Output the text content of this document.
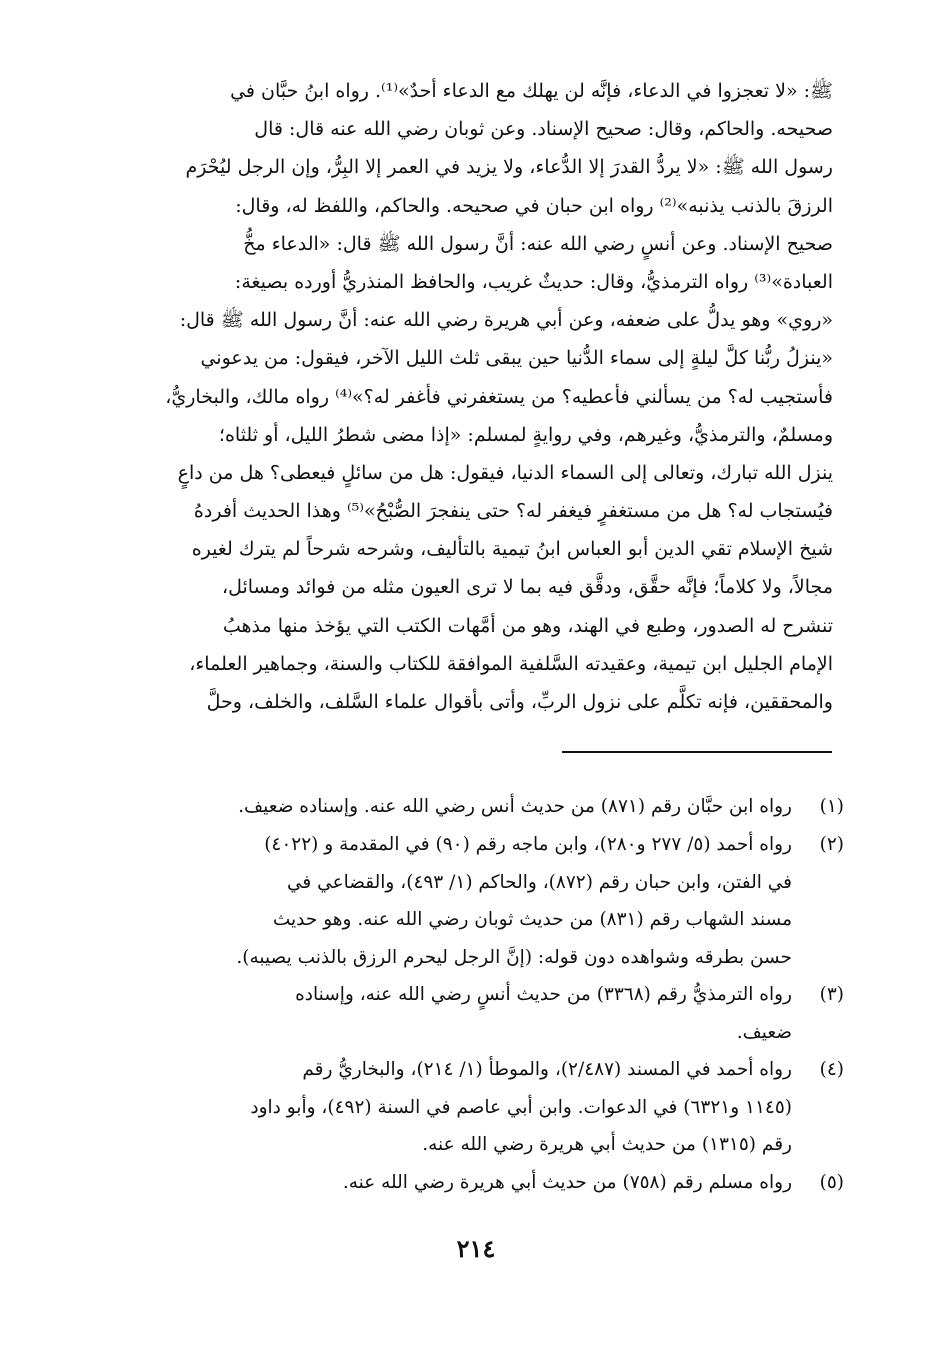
ﷺ: «لا تعجزوا في الدعاء، فإنَّه لن يهلك مع الدعاء أحدٌ»⁽¹⁾. رواه ابنُ حبَّان في
صحيحه. والحاكم، وقال: صحيح الإسناد. وعن ثوبان رضي الله عنه قال: قال
رسول الله ﷺ: «لا يردُّ القدرَ إلا الدُّعاء، ولا يزيد في العمر إلا البِرُّ، وإن الرجل ليُحْرَم
الرزقَ بالذنب يذنبه»⁽²⁾ رواه ابن حبان في صحيحه. والحاكم، واللفظ له، وقال:
صحيح الإسناد. وعن أنسٍ رضي الله عنه: أنَّ رسول الله ﷺ قال: «الدعاء مخُّ
العبادة»⁽³⁾ رواه الترمذيُّ، وقال: حديثٌ غريب، والحافظ المنذريُّ أورده بصيغة:
«روي» وهو يدلُّ على ضعفه، وعن أبي هريرة رضي الله عنه: أنَّ رسول الله ﷺ قال:
«ينزلُ ربُّنا كلَّ ليلةٍ إلى سماء الدُّنيا حين يبقى ثلث الليل الآخر، فيقول: من يدعوني
فأستجيب له؟ من يسألني فأعطيه؟ من يستغفرني فأغفر له؟»⁽⁴⁾ رواه مالك، والبخاريُّ،
ومسلمٌ، والترمذيُّ، وغيرهم، وفي روايةٍ لمسلم: «إذا مضى شطرُ الليل، أو ثلثاه؛
ينزل الله تبارك، وتعالى إلى السماء الدنيا، فيقول: هل من سائلٍ فيعطى؟ هل من داعٍ
فيُستجاب له؟ هل من مستغفرٍ فيغفر له؟ حتى ينفجرَ الصُّبْحُ»⁽⁵⁾ وهذا الحديث أفردهُ
شيخ الإسلام تقي الدين أبو العباس ابنُ تيمية بالتأليف، وشرحه شرحاً لم يترك لغيره
مجالاً، ولا كلاماً؛ فإنَّه حقَّق، ودقَّق فيه بما لا ترى العيون مثله من فوائد ومسائل،
تنشرح له الصدور، وطبع في الهند، وهو من أمَّهات الكتب التي يؤخذ منها مذهبُ
الإمام الجليل ابن تيمية، وعقيدته السَّلفية الموافقة للكتاب والسنة، وجماهير العلماء،
والمحققين، فإنه تكلَّم على نزول الربِّ، وأتى بأقوال علماء السَّلف، والخلف، وحلَّ
(١)
رواه ابن حبَّان رقم (٨٧١) من حديث أنس رضي الله عنه. وإسناده ضعيف.
(٢)
رواه أحمد (٥/ ٢٧٧ و٢٨٠)، وابن ماجه رقم (٩٠) في المقدمة و (٤٠٢٢)
في الفتن، وابن حبان رقم (٨٧٢)، والحاكم (١/ ٤٩٣)، والقضاعي في
مسند الشهاب رقم (٨٣١) من حديث ثوبان رضي الله عنه. وهو حديث
حسن بطرقه وشواهده دون قوله: (إنَّ الرجل ليحرم الرزق بالذنب يصيبه).
(٣)
رواه الترمذيُّ رقم (٣٣٦٨) من حديث أنسٍ رضي الله عنه، وإسناده
ضعيف.
(٤)
رواه أحمد في المسند (٢/٤٨٧)، والموطأ (١/ ٢١٤)، والبخاريُّ رقم
(١١٤٥ و٦٣٢١) في الدعوات. وابن أبي عاصم في السنة (٤٩٢)، وأبو داود
رقم (١٣١٥) من حديث أبي هريرة رضي الله عنه.
(٥)
رواه مسلم رقم (٧٥٨) من حديث أبي هريرة رضي الله عنه.
٢١٤
